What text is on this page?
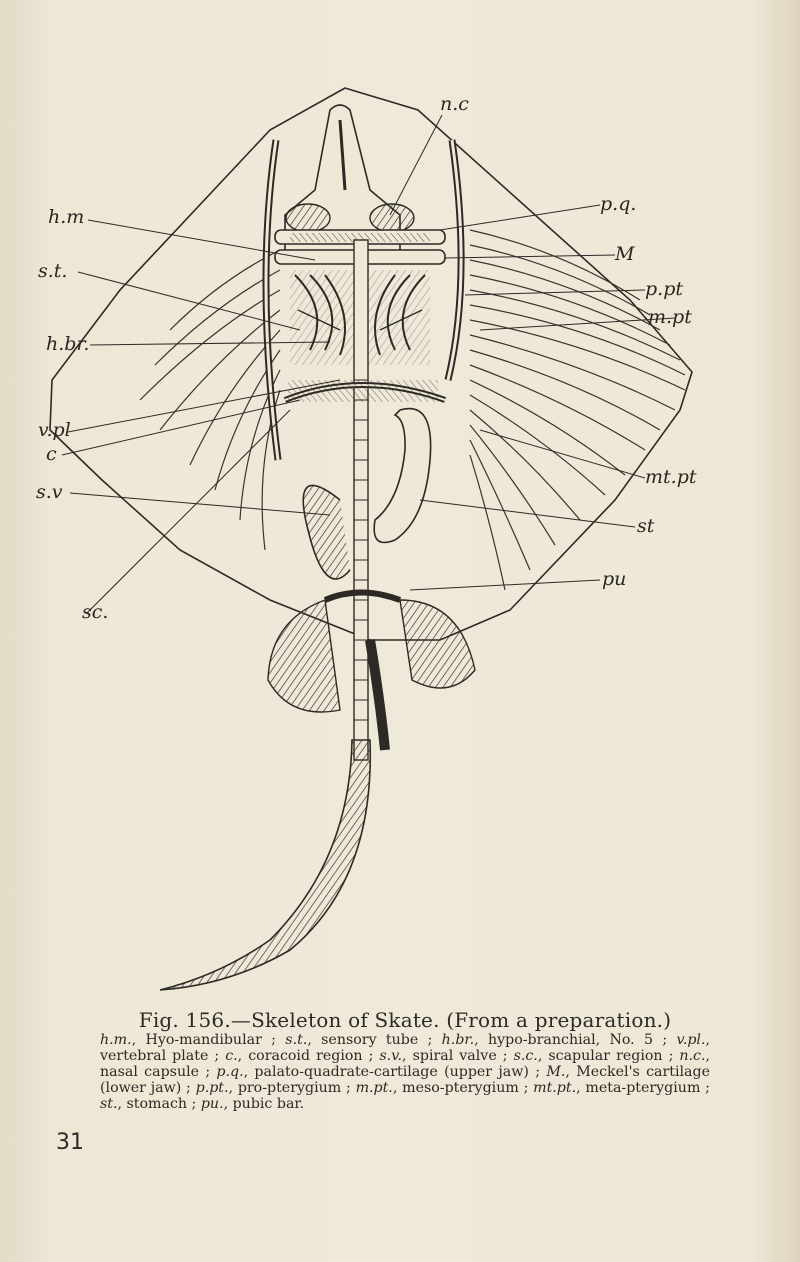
n.c
p.q.
M
p.pt
m.pt
mt.pt
st
pu
h.m
s.t.
h.br.
v.pl
c
s.v
sc.
Fig. 156.—Skeleton of Skate. (From a preparation.)
h.m., Hyo-mandibular ; s.t., sensory tube ; h.br., hypo-branchial, No. 5 ; v.pl., vertebral plate ; c., coracoid region ; s.v., spiral valve ; s.c., scapular region ; n.c., nasal capsule ; p.q., palato-quadrate-cartilage (upper jaw) ; M., Meckel's cartilage (lower jaw) ; p.pt., pro-pterygium ; m.pt., meso-pterygium ; mt.pt., meta-pterygium ; st., stomach ; pu., pubic bar.
31
